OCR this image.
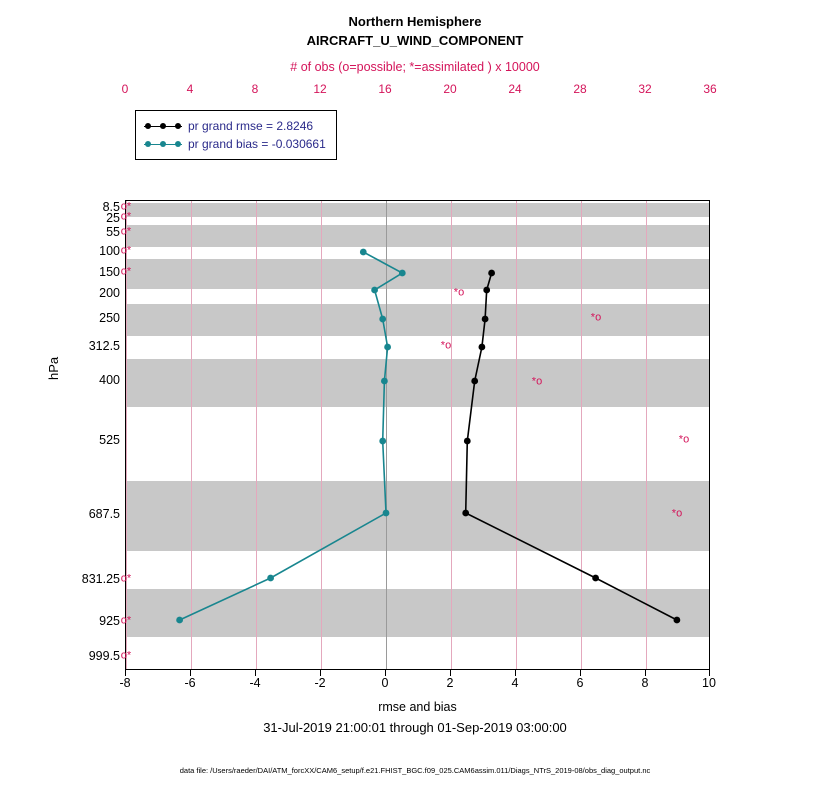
Northern Hemisphere
AIRCRAFT_U_WIND_COMPONENT
# of obs (o=possible; *=assimilated ) x 10000
0	4	8	12	16	20	24	28	32	36
pr grand rmse = 2.8246
pr grand bias = -0.030661
o*
o*
o*
o*
o*
*o
*o
*o
*o
*o
*o
o*
o*
o*
hPa
8.5
25
55
100
150
200
250
312.5
400
525
687.5
831.25
925
999.5
-8	-6	-4	-2	0	2	4	6	8	10
rmse and bias
31-Jul-2019 21:00:01 through 01-Sep-2019 03:00:00
data file: /Users/raeder/DAI/ATM_forcXX/CAM6_setup/f.e21.FHIST_BGC.f09_025.CAM6assim.011/Diags_NTrS_2019-08/obs_diag_output.nc
